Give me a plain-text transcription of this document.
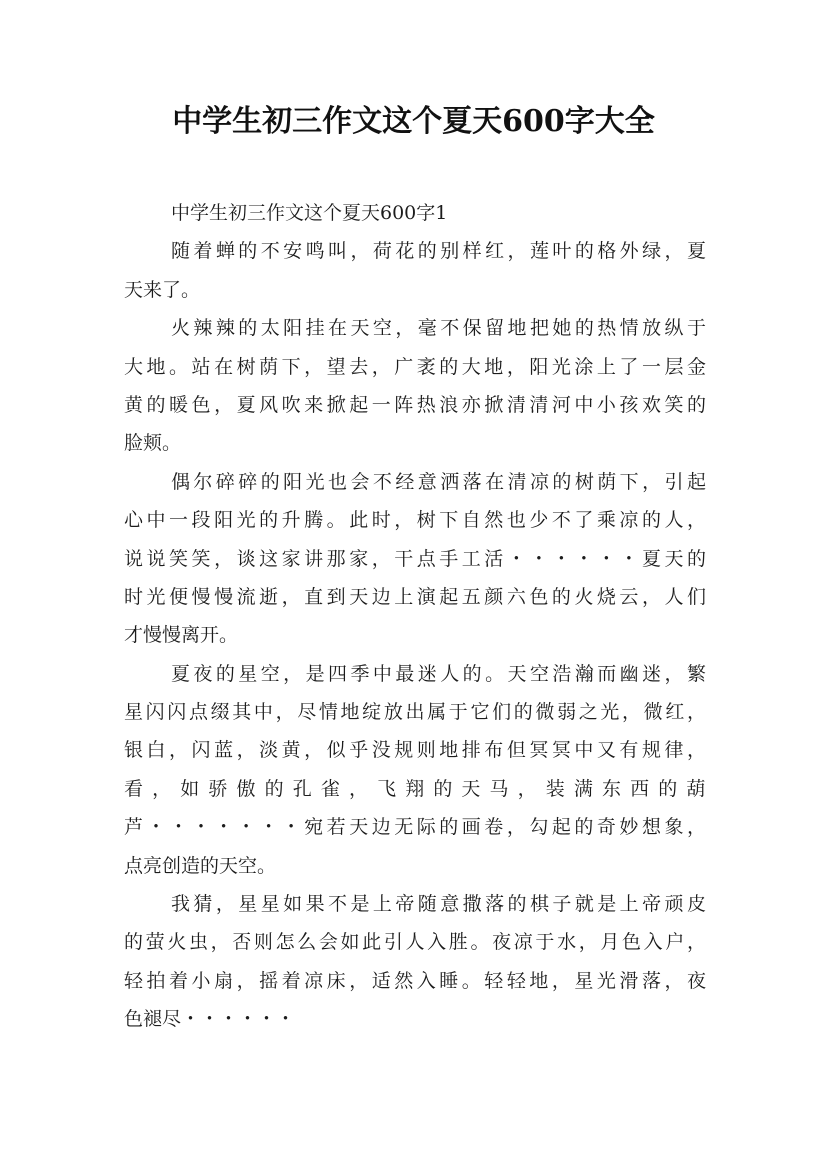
中学生初三作文这个夏天600字大全
中学生初三作文这个夏天600字1
随着蝉的不安鸣叫，荷花的别样红，莲叶的格外绿，夏
天来了。
火辣辣的太阳挂在天空，毫不保留地把她的热情放纵于
大地。站在树荫下，望去，广袤的大地，阳光涂上了一层金
黄的暖色，夏风吹来掀起一阵热浪亦掀清清河中小孩欢笑的
脸颊。
偶尔碎碎的阳光也会不经意洒落在清凉的树荫下，引起
心中一段阳光的升腾。此时，树下自然也少不了乘凉的人，
说说笑笑，谈这家讲那家，干点手工活・・・・・・夏天的
时光便慢慢流逝，直到天边上演起五颜六色的火烧云，人们
才慢慢离开。
夏夜的星空，是四季中最迷人的。天空浩瀚而幽迷，繁
星闪闪点缀其中，尽情地绽放出属于它们的微弱之光，微红，
银白，闪蓝，淡黄，似乎没规则地排布但冥冥中又有规律，
看，如骄傲的孔雀，飞翔的天马，装满东西的葫
芦・・・・・・・宛若天边无际的画卷，勾起的奇妙想象，
点亮创造的天空。
我猜，星星如果不是上帝随意撒落的棋子就是上帝顽皮
的萤火虫，否则怎么会如此引人入胜。夜凉于水，月色入户，
轻拍着小扇，摇着凉床，适然入睡。轻轻地，星光滑落，夜
色褪尽・・・・・・
